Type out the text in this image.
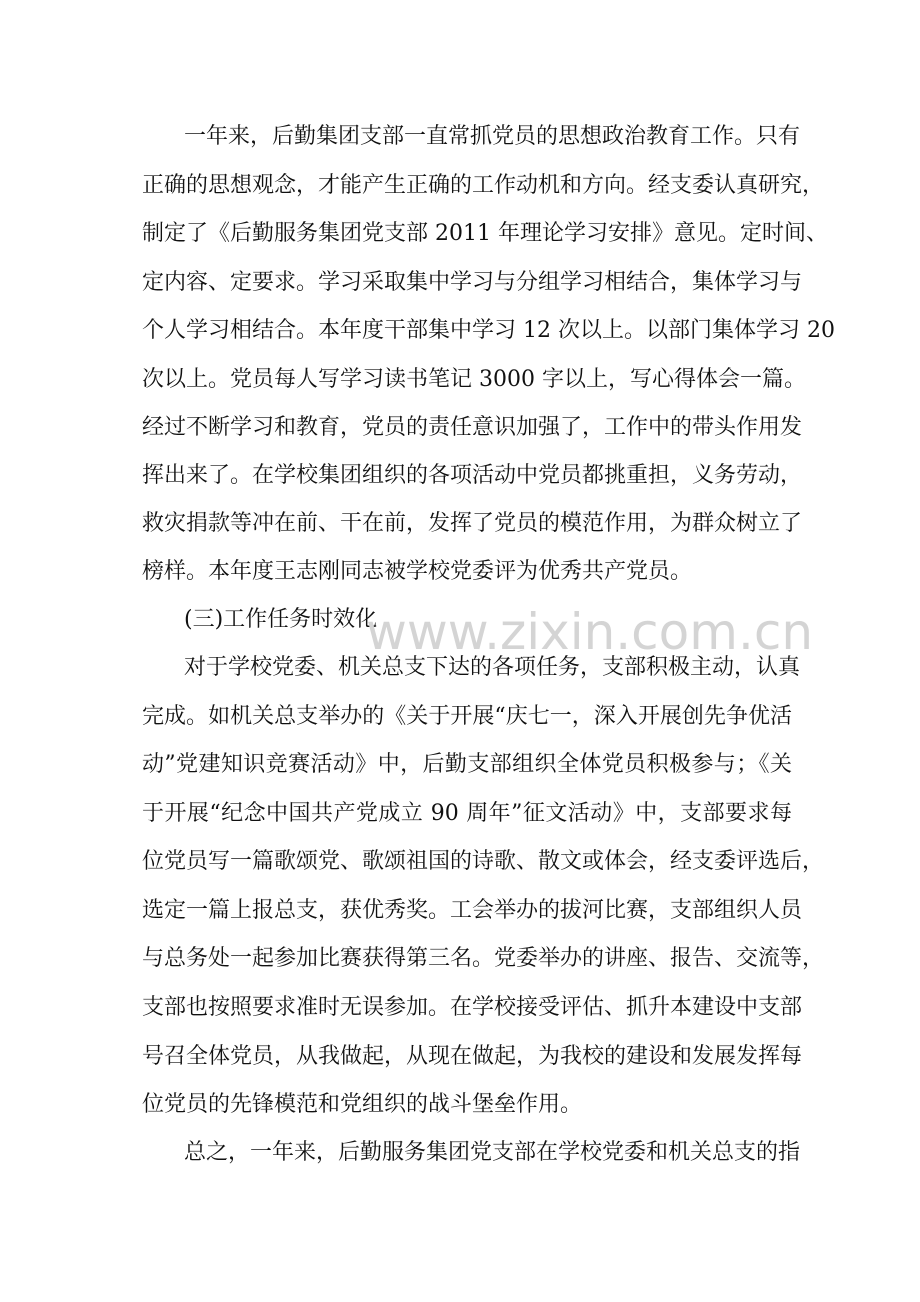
一年来，后勤集团支部一直常抓党员的思想政治教育工作。只有
正确的思想观念，才能产生正确的工作动机和方向。经支委认真研究，
制定了《后勤服务集团党支部 2011 年理论学习安排》意见。定时间、
定内容、定要求。学习采取集中学习与分组学习相结合，集体学习与
个人学习相结合。本年度干部集中学习 12 次以上。以部门集体学习 20
次以上。党员每人写学习读书笔记 3000 字以上，写心得体会一篇。
经过不断学习和教育，党员的责任意识加强了，工作中的带头作用发
挥出来了。在学校集团组织的各项活动中党员都挑重担，义务劳动，
救灾捐款等冲在前、干在前，发挥了党员的模范作用，为群众树立了
榜样。本年度王志刚同志被学校党委评为优秀共产党员。
(三)工作任务时效化
对于学校党委、机关总支下达的各项任务，支部积极主动，认真
完成。如机关总支举办的《关于开展“庆七一，深入开展创先争优活
动”党建知识竞赛活动》中，后勤支部组织全体党员积极参与；《关
于开展“纪念中国共产党成立 90 周年”征文活动》中，支部要求每
位党员写一篇歌颂党、歌颂祖国的诗歌、散文或体会，经支委评选后，
选定一篇上报总支，获优秀奖。工会举办的拔河比赛，支部组织人员
与总务处一起参加比赛获得第三名。党委举办的讲座、报告、交流等，
支部也按照要求准时无误参加。在学校接受评估、抓升本建设中支部
号召全体党员，从我做起，从现在做起，为我校的建设和发展发挥每
位党员的先锋模范和党组织的战斗堡垒作用。
总之，一年来，后勤服务集团党支部在学校党委和机关总支的指
www.zixin.com.cn
